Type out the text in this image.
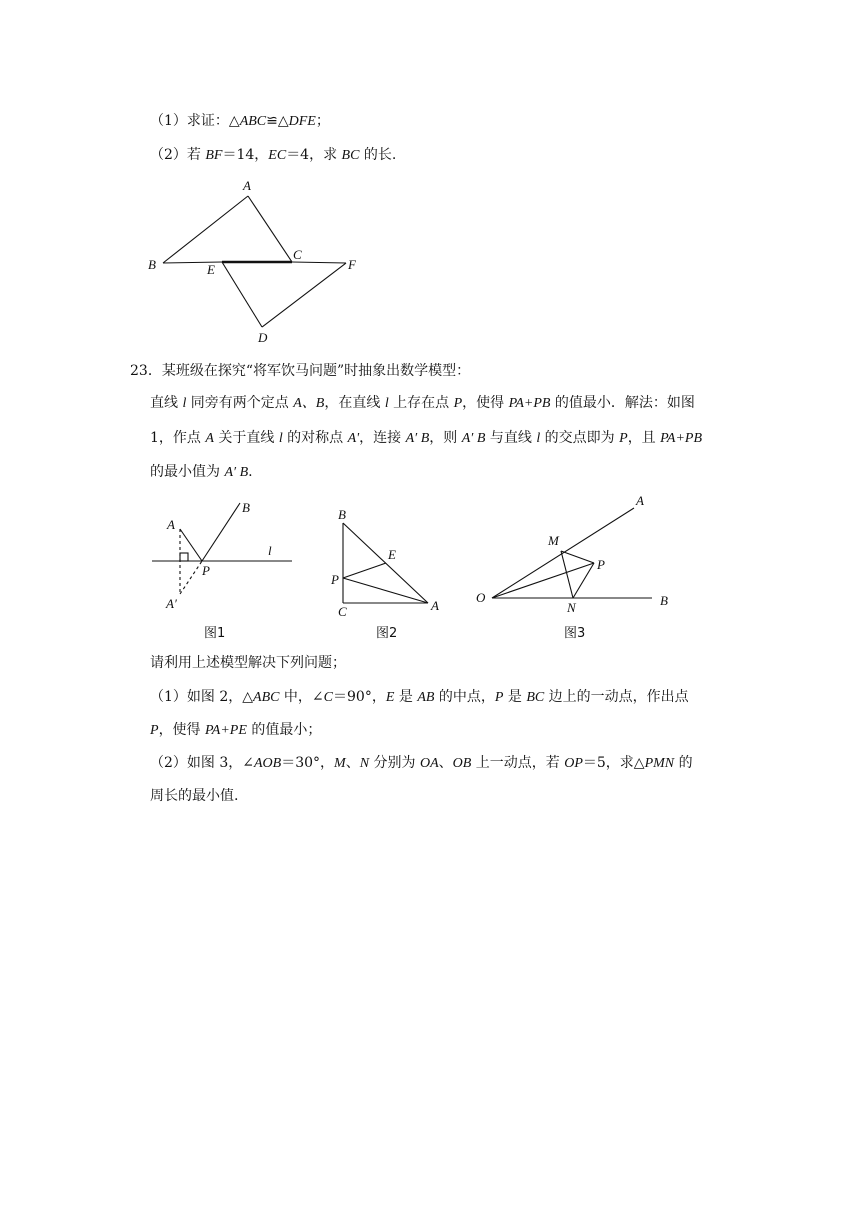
（1）求证：△ABC≌△DFE；
（2）若 BF＝14，EC＝4，求 BC 的长.
A
B
C
E	F
D
23．某班级在探究“将军饮马问题”时抽象出数学模型：
直线 l 同旁有两个定点 A、B，在直线 l 上存在点 P，使得 PA+PB 的值最小．解法：如图
1，作点 A 关于直线 l 的对称点 A'，连接 A′ B，则 A′ B 与直线 l 的交点即为 P，且 PA+PB
的最小值为 A′ B.
A
B
P
A′
l
图1
B
E
P
C	A
图2
A
M
P
O
N	B
图3
请利用上述模型解决下列问题；
（1）如图 2，△ABC 中，∠C＝90°，E 是 AB 的中点，P 是 BC 边上的一动点，作出点
P，使得 PA+PE 的值最小；
（2）如图 3，∠AOB＝30°，M、N 分别为 OA、OB 上一动点，若 OP＝5，求△PMN 的
周长的最小值.
